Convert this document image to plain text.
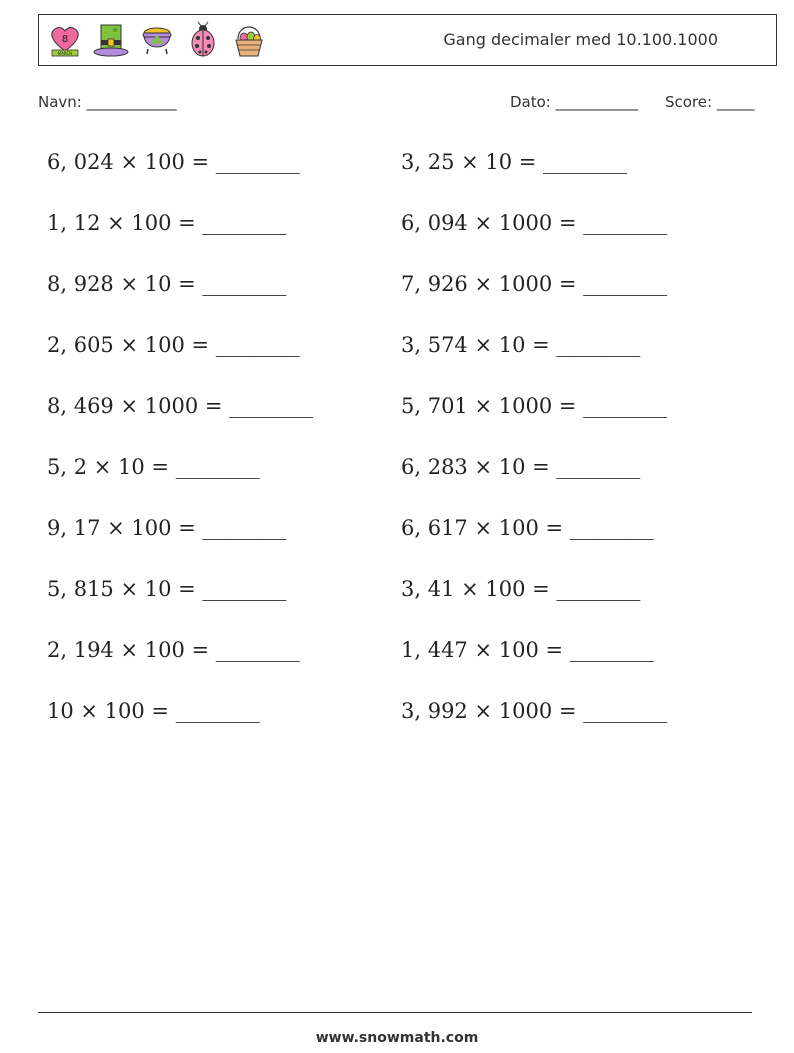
8
MARCH
Gang decimaler med 10.100.1000
Navn: ____________	Dato: ___________ Score: _____
6, 024 × 100 = ________
1, 12 × 100 = ________
8, 928 × 10 = ________
2, 605 × 100 = ________
8, 469 × 1000 = ________
5, 2 × 10 = ________
9, 17 × 100 = ________
5, 815 × 10 = ________
2, 194 × 100 = ________
10 × 100 = ________
3, 25 × 10 = ________
6, 094 × 1000 = ________
7, 926 × 1000 = ________
3, 574 × 10 = ________
5, 701 × 1000 = ________
6, 283 × 10 = ________
6, 617 × 100 = ________
3, 41 × 100 = ________
1, 447 × 100 = ________
3, 992 × 1000 = ________
www.snowmath.com
